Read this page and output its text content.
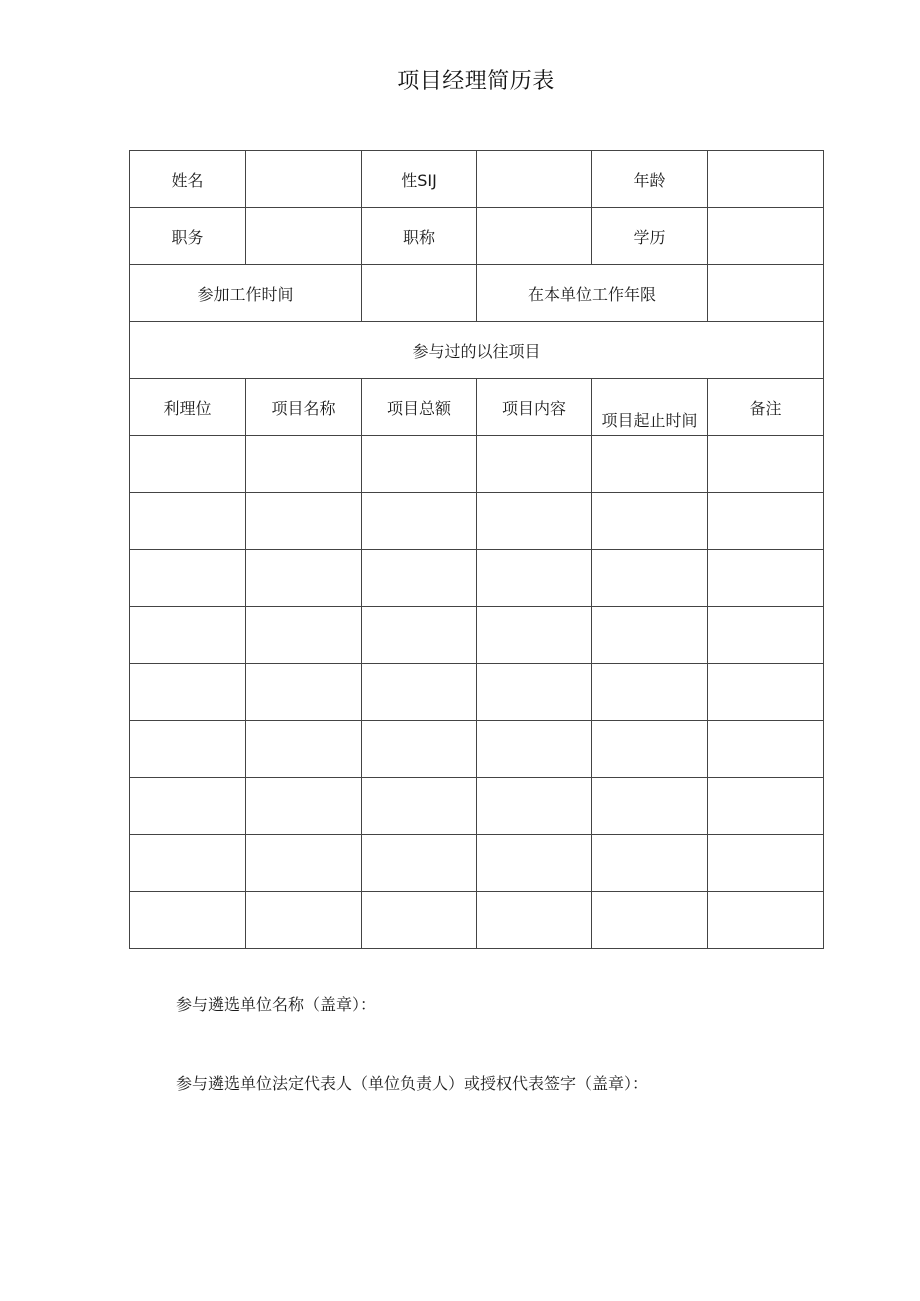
项目经理简历表
姓名		性SIJ		年龄	
职务		职称		学历	
参加工作时间			在本单位工作年限		
参与过的以往项目					
利理位	项目名称	项目总额	项目内容	项目起止时间	备注

参与遴选单位名称（盖章）：
参与遴选单位法定代表人（单位负责人）或授权代表签字（盖章）：
